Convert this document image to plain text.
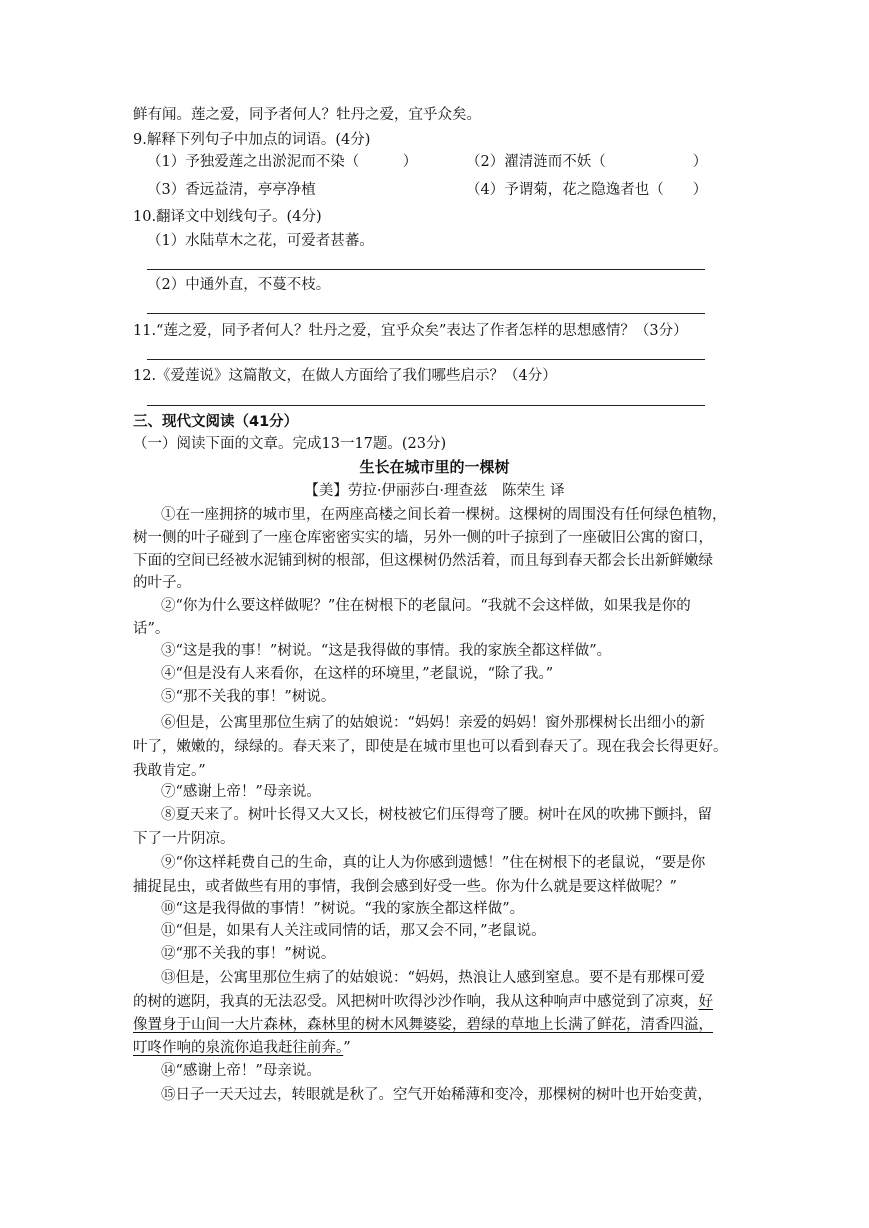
鲜有闻。莲之爱，同予者何人？牡丹之爱，宜乎众矣。
9.解释下列句子中加点的词语。(4分)
（1）予独爱莲之出淤泥而不染（　　　）	（2）濯清涟而不妖（　　　　　　）
（3）香远益清，亭亭净植	（4）予谓菊，花之隐逸者也（　　）
10.翻译文中划线句子。(4分)
（1）水陆草木之花，可爱者甚蕃。
（2）中通外直，不蔓不枝。
11.“莲之爱，同予者何人？牡丹之爱，宜乎众矣”表达了作者怎样的思想感情？（3分）
12.《爱莲说》这篇散文，在做人方面给了我们哪些启示？（4分）
三、现代文阅读（41分）
（一）阅读下面的文章。完成13一17题。(23分)
生长在城市里的一棵树
【美】劳拉·伊丽莎白·理查兹　陈荣生 译
①在一座拥挤的城市里，在两座高楼之间长着一棵树。这棵树的周围没有任何绿色植物，
树一侧的叶子碰到了一座仓库密密实实的墙，另外一侧的叶子掠到了一座破旧公寓的窗口，
下面的空间已经被水泥铺到树的根部，但这棵树仍然活着，而且每到春天都会长出新鲜嫩绿
的叶子。
②“你为什么要这样做呢？”住在树根下的老鼠问。“我就不会这样做，如果我是你的
话”。
③“这是我的事！”树说。“这是我得做的事情。我的家族全都这样做”。
④“但是没有人来看你，在这样的环境里，”老鼠说，“除了我。”
⑤“那不关我的事！”树说。
⑥但是，公寓里那位生病了的姑娘说：“妈妈！亲爱的妈妈！窗外那棵树长出细小的新
叶了，嫩嫩的，绿绿的。春天来了，即使是在城市里也可以看到春天了。现在我会长得更好。
我敢肯定。”
⑦“感谢上帝！”母亲说。
⑧夏天来了。树叶长得又大又长，树枝被它们压得弯了腰。树叶在风的吹拂下颤抖，留
下了一片阴凉。
⑨“你这样耗费自己的生命，真的让人为你感到遗憾！”住在树根下的老鼠说，“要是你
捕捉昆虫，或者做些有用的事情，我倒会感到好受一些。你为什么就是要这样做呢？”
⑩“这是我得做的事情！”树说。“我的家族全都这样做”。
⑪“但是，如果有人关注或同情的话，那又会不同，”老鼠说。
⑫“那不关我的事！”树说。
⑬但是，公寓里那位生病了的姑娘说：“妈妈，热浪让人感到窒息。要不是有那棵可爱
的树的遮阴，我真的无法忍受。风把树叶吹得沙沙作响，我从这种响声中感觉到了凉爽，好
像置身于山间一大片森林，森林里的树木风舞婆娑，碧绿的草地上长满了鲜花，清香四溢，
叮咚作响的泉流你追我赶往前奔。”
⑭“感谢上帝！”母亲说。
⑮日子一天天过去，转眼就是秋了。空气开始稀薄和变冷，那棵树的树叶也开始变黄，
